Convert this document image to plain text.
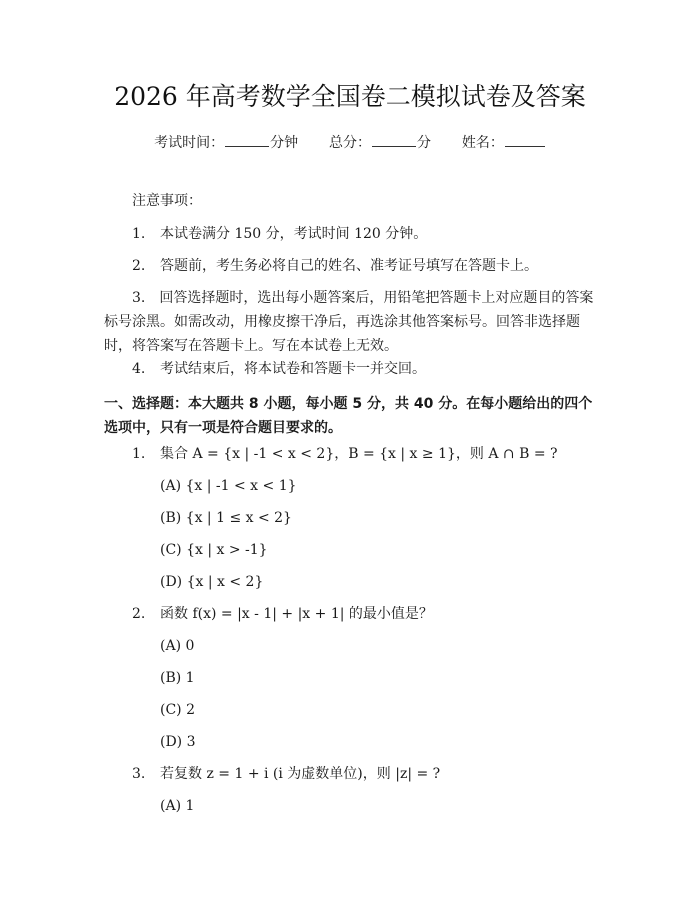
2026 年高考数学全国卷二模拟试卷及答案
考试时间：	分钟 总分：	分 姓名：
注意事项：
1. 本试卷满分 150 分，考试时间 120 分钟。
2. 答题前，考生务必将自己的姓名、准考证号填写在答题卡上。
3.　 回答选择题时，选出每小题答案后，用铅笔把答题卡上对应题目的答案标号涂黑。如需改动，用橡皮擦干净后，再选涂其他答案标号。回答非选择题时，将答案写在答题卡上。写在本试卷上无效。
4. 考试结束后，将本试卷和答题卡一并交回。
一、选择题：本大题共 8 小题，每小题 5 分，共 40 分。在每小题给出的四个选项中，只有一项是符合题目要求的。
1. 集合 A = {x | -1 < x < 2}，B = {x | x ≥ 1}，则 A ∩ B = ?
(A) {x | -1 < x < 1}
(B) {x | 1 ≤ x < 2}
(C) {x | x > -1}
(D) {x | x < 2}
2. 函数 f(x) = |x - 1| + |x + 1| 的最小值是？
(A) 0
(B) 1
(C) 2
(D) 3
3. 若复数 z = 1 + i (i 为虚数单位)，则 |z| = ?
(A) 1
